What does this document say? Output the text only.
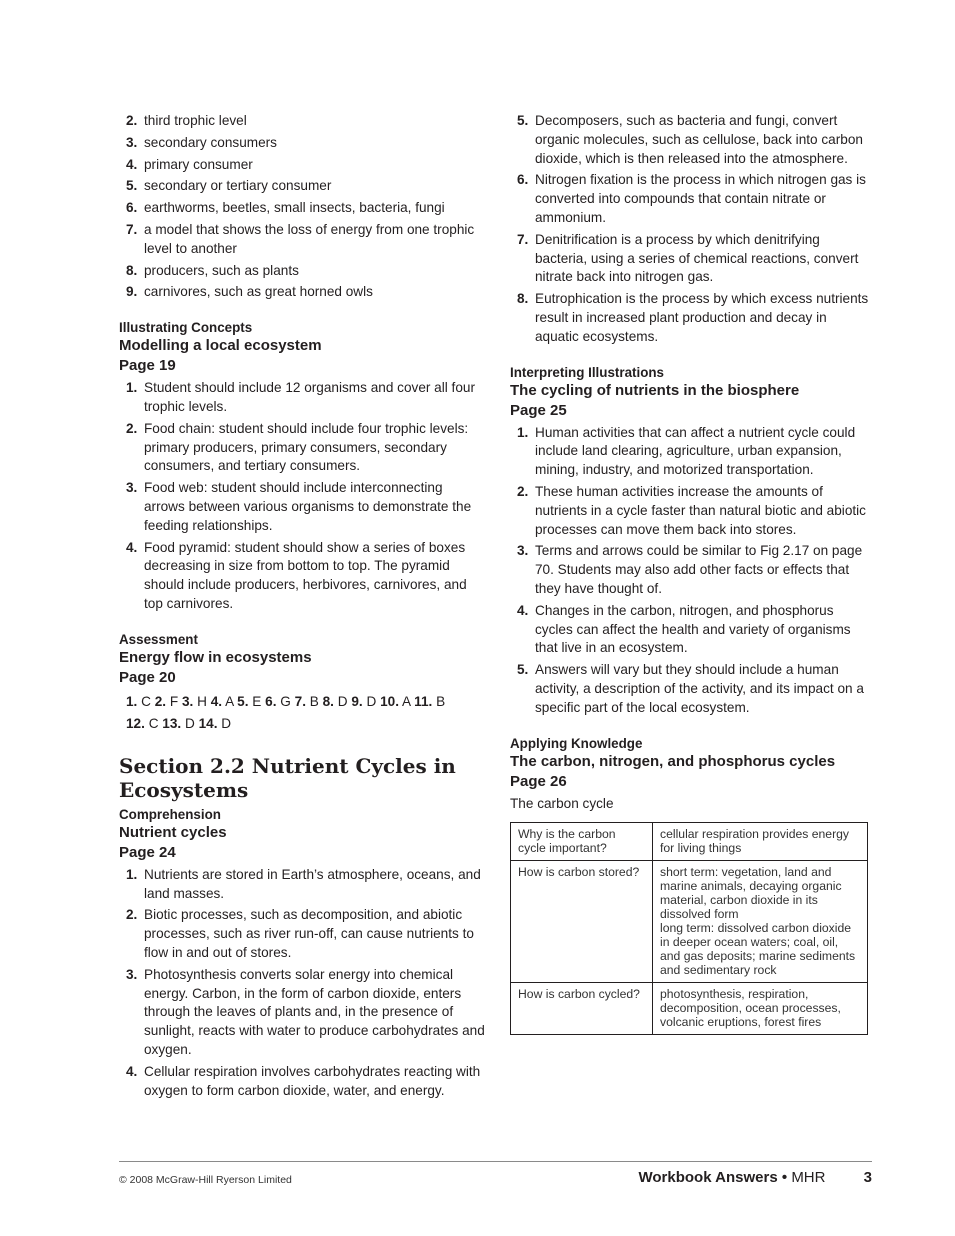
2. third trophic level
3. secondary consumers
4. primary consumer
5. secondary or tertiary consumer
6. earthworms, beetles, small insects, bacteria, fungi
7. a model that shows the loss of energy from one trophic level to another
8. producers, such as plants
9. carnivores, such as great horned owls
Illustrating Concepts
Modelling a local ecosystem
Page 19
1. Student should include 12 organisms and cover all four trophic levels.
2. Food chain: student should include four trophic levels: primary producers, primary consumers, secondary consumers, and tertiary consumers.
3. Food web: student should include interconnecting arrows between various organisms to demonstrate the feeding relationships.
4. Food pyramid: student should show a series of boxes decreasing in size from bottom to top. The pyramid should include producers, herbivores, carnivores, and top carnivores.
Assessment
Energy flow in ecosystems
Page 20
1. C 2. F 3. H 4. A 5. E 6. G 7. B 8. D 9. D 10. A 11. B
12. C 13. D 14. D
Section 2.2 Nutrient Cycles in Ecosystems
Comprehension
Nutrient cycles
Page 24
1. Nutrients are stored in Earth’s atmosphere, oceans, and land masses.
2. Biotic processes, such as decomposition, and abiotic processes, such as river run-off, can cause nutrients to flow in and out of stores.
3. Photosynthesis converts solar energy into chemical energy. Carbon, in the form of carbon dioxide, enters through the leaves of plants and, in the presence of sunlight, reacts with water to produce carbohydrates and oxygen.
4. Cellular respiration involves carbohydrates reacting with oxygen to form carbon dioxide, water, and energy.
5. Decomposers, such as bacteria and fungi, convert organic molecules, such as cellulose, back into carbon dioxide, which is then released into the atmosphere.
6. Nitrogen fixation is the process in which nitrogen gas is converted into compounds that contain nitrate or ammonium.
7. Denitrification is a process by which denitrifying bacteria, using a series of chemical reactions, convert nitrate back into nitrogen gas.
8. Eutrophication is the process by which excess nutrients result in increased plant production and decay in aquatic ecosystems.
Interpreting Illustrations
The cycling of nutrients in the biosphere
Page 25
1. Human activities that can affect a nutrient cycle could include land clearing, agriculture, urban expansion, mining, industry, and motorized transportation.
2. These human activities increase the amounts of nutrients in a cycle faster than natural biotic and abiotic processes can move them back into stores.
3. Terms and arrows could be similar to Fig 2.17 on page 70. Students may also add other facts or effects that they have thought of.
4. Changes in the carbon, nitrogen, and phosphorus cycles can affect the health and variety of organisms that live in an ecosystem.
5. Answers will vary but they should include a human activity, a description of the activity, and its impact on a specific part of the local ecosystem.
Applying Knowledge
The carbon, nitrogen, and phosphorus cycles
Page 26
The carbon cycle
Why is the carbon cycle important?	cellular respiration provides energy for living things
How is carbon stored?	short term: vegetation, land and marine animals, decaying organic material, carbon dioxide in its dissolved form
long term: dissolved carbon dioxide in deeper ocean waters; coal, oil, and gas deposits; marine sediments and sedimentary rock

How is carbon cycled?	photosynthesis, respiration, decomposition, ocean processes, volcanic eruptions, forest fires
© 2008 McGraw-Hill Ryerson Limited	Workbook Answers • MHR	3
